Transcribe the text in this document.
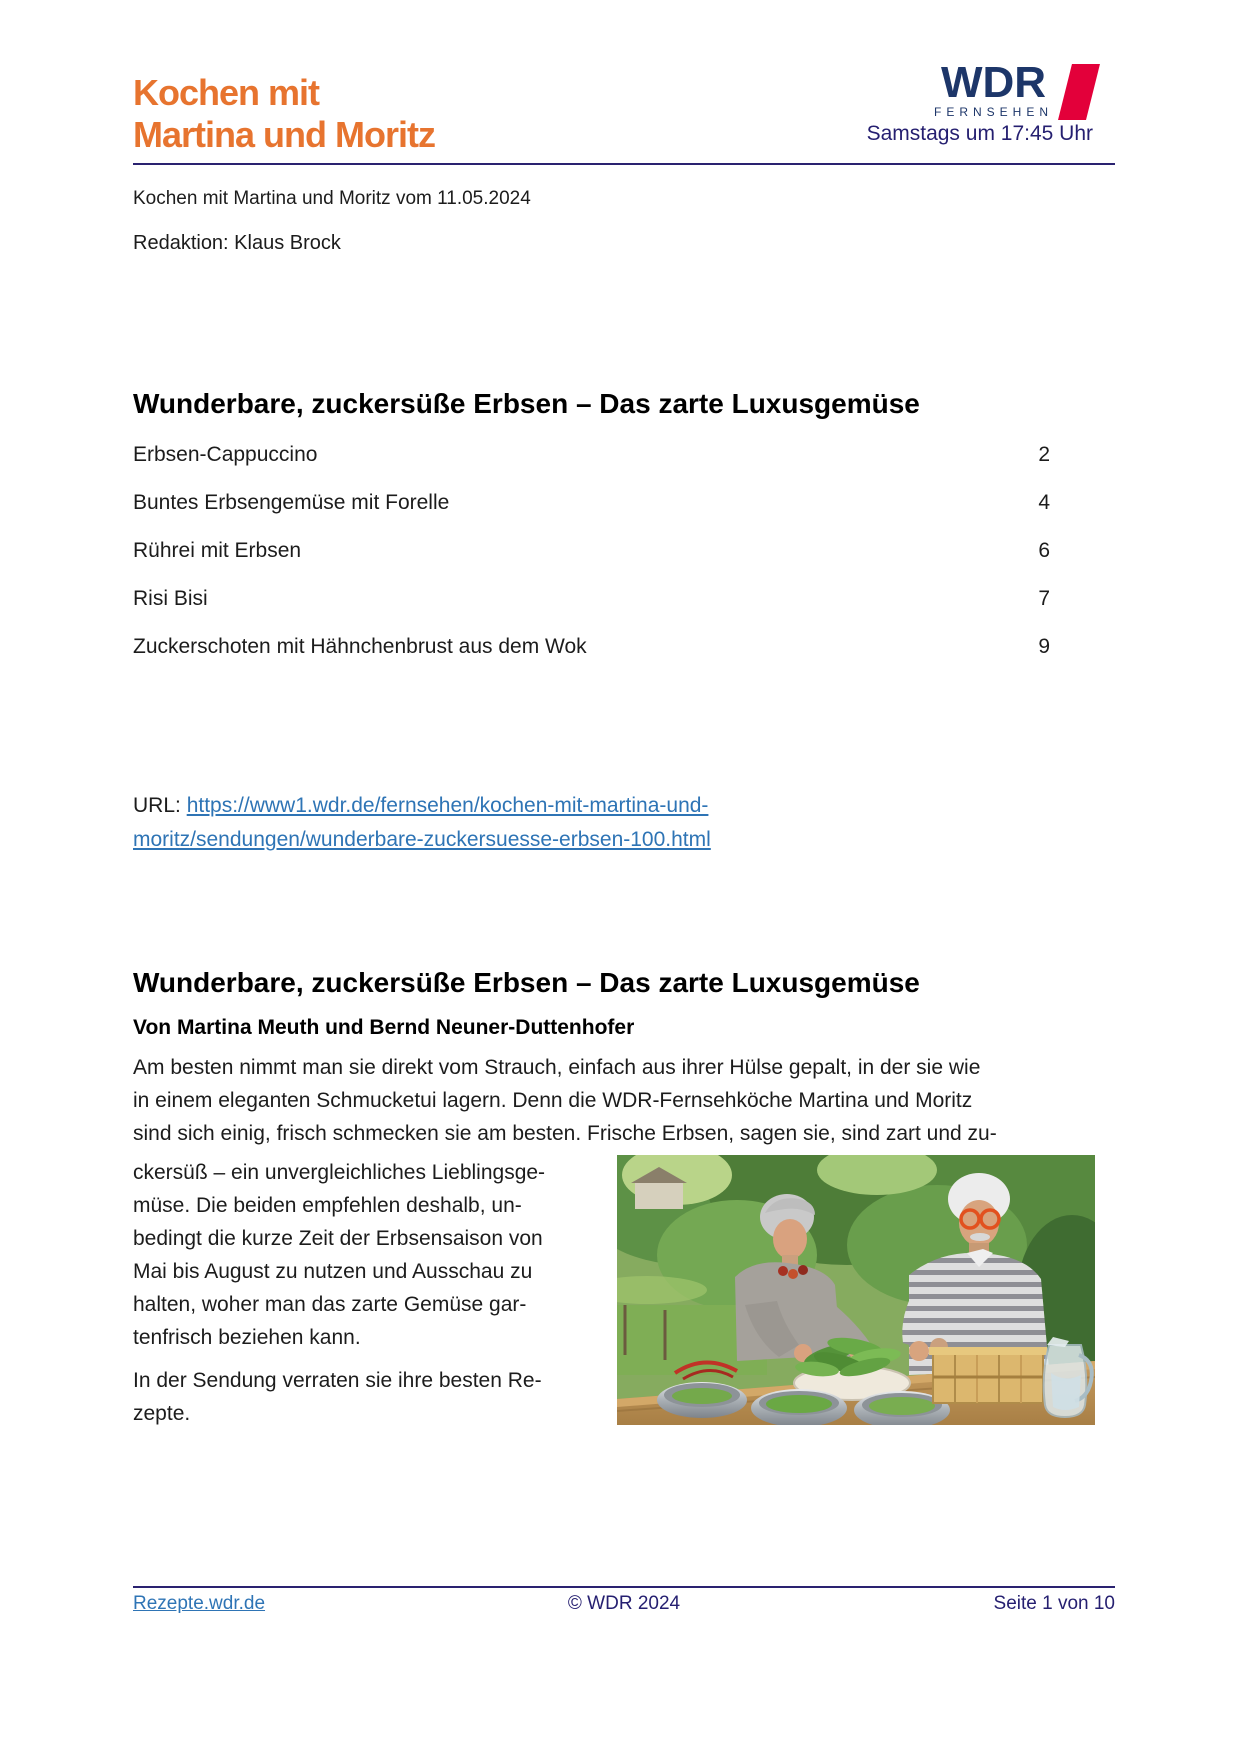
Kochen mit
Martina und Moritz
WDR
FERNSEHEN
Samstags um 17:45 Uhr
Kochen mit Martina und Moritz vom 11.05.2024
Redaktion: Klaus Brock
Wunderbare, zuckersüße Erbsen – Das zarte Luxusgemüse
Erbsen-Cappuccino	2
Buntes Erbsengemüse mit Forelle	4
Rührei mit Erbsen	6
Risi Bisi	7
Zuckerschoten mit Hähnchenbrust aus dem Wok	9
URL: https://www1.wdr.de/fernsehen/kochen-mit-martina-und-
moritz/sendungen/wunderbare-zuckersuesse-erbsen-100.html
Wunderbare, zuckersüße Erbsen – Das zarte Luxusgemüse
Von Martina Meuth und Bernd Neuner-Duttenhofer
Am besten nimmt man sie direkt vom Strauch, einfach aus ihrer Hülse gepalt, in der sie wie
in einem eleganten Schmucketui lagern. Denn die WDR-Fernsehköche Martina und Moritz
sind sich einig, frisch schmecken sie am besten. Frische Erbsen, sagen sie, sind zart und zu-
ckersüß – ein unvergleichliches Lieblingsge-
müse. Die beiden empfehlen deshalb, un-
bedingt die kurze Zeit der Erbsensaison von
Mai bis August zu nutzen und Ausschau zu
halten, woher man das zarte Gemüse gar-
tenfrisch beziehen kann.
In der Sendung verraten sie ihre besten Re-
zepte.
Rezepte.wdr.de	© WDR 2024	Seite 1 von 10
